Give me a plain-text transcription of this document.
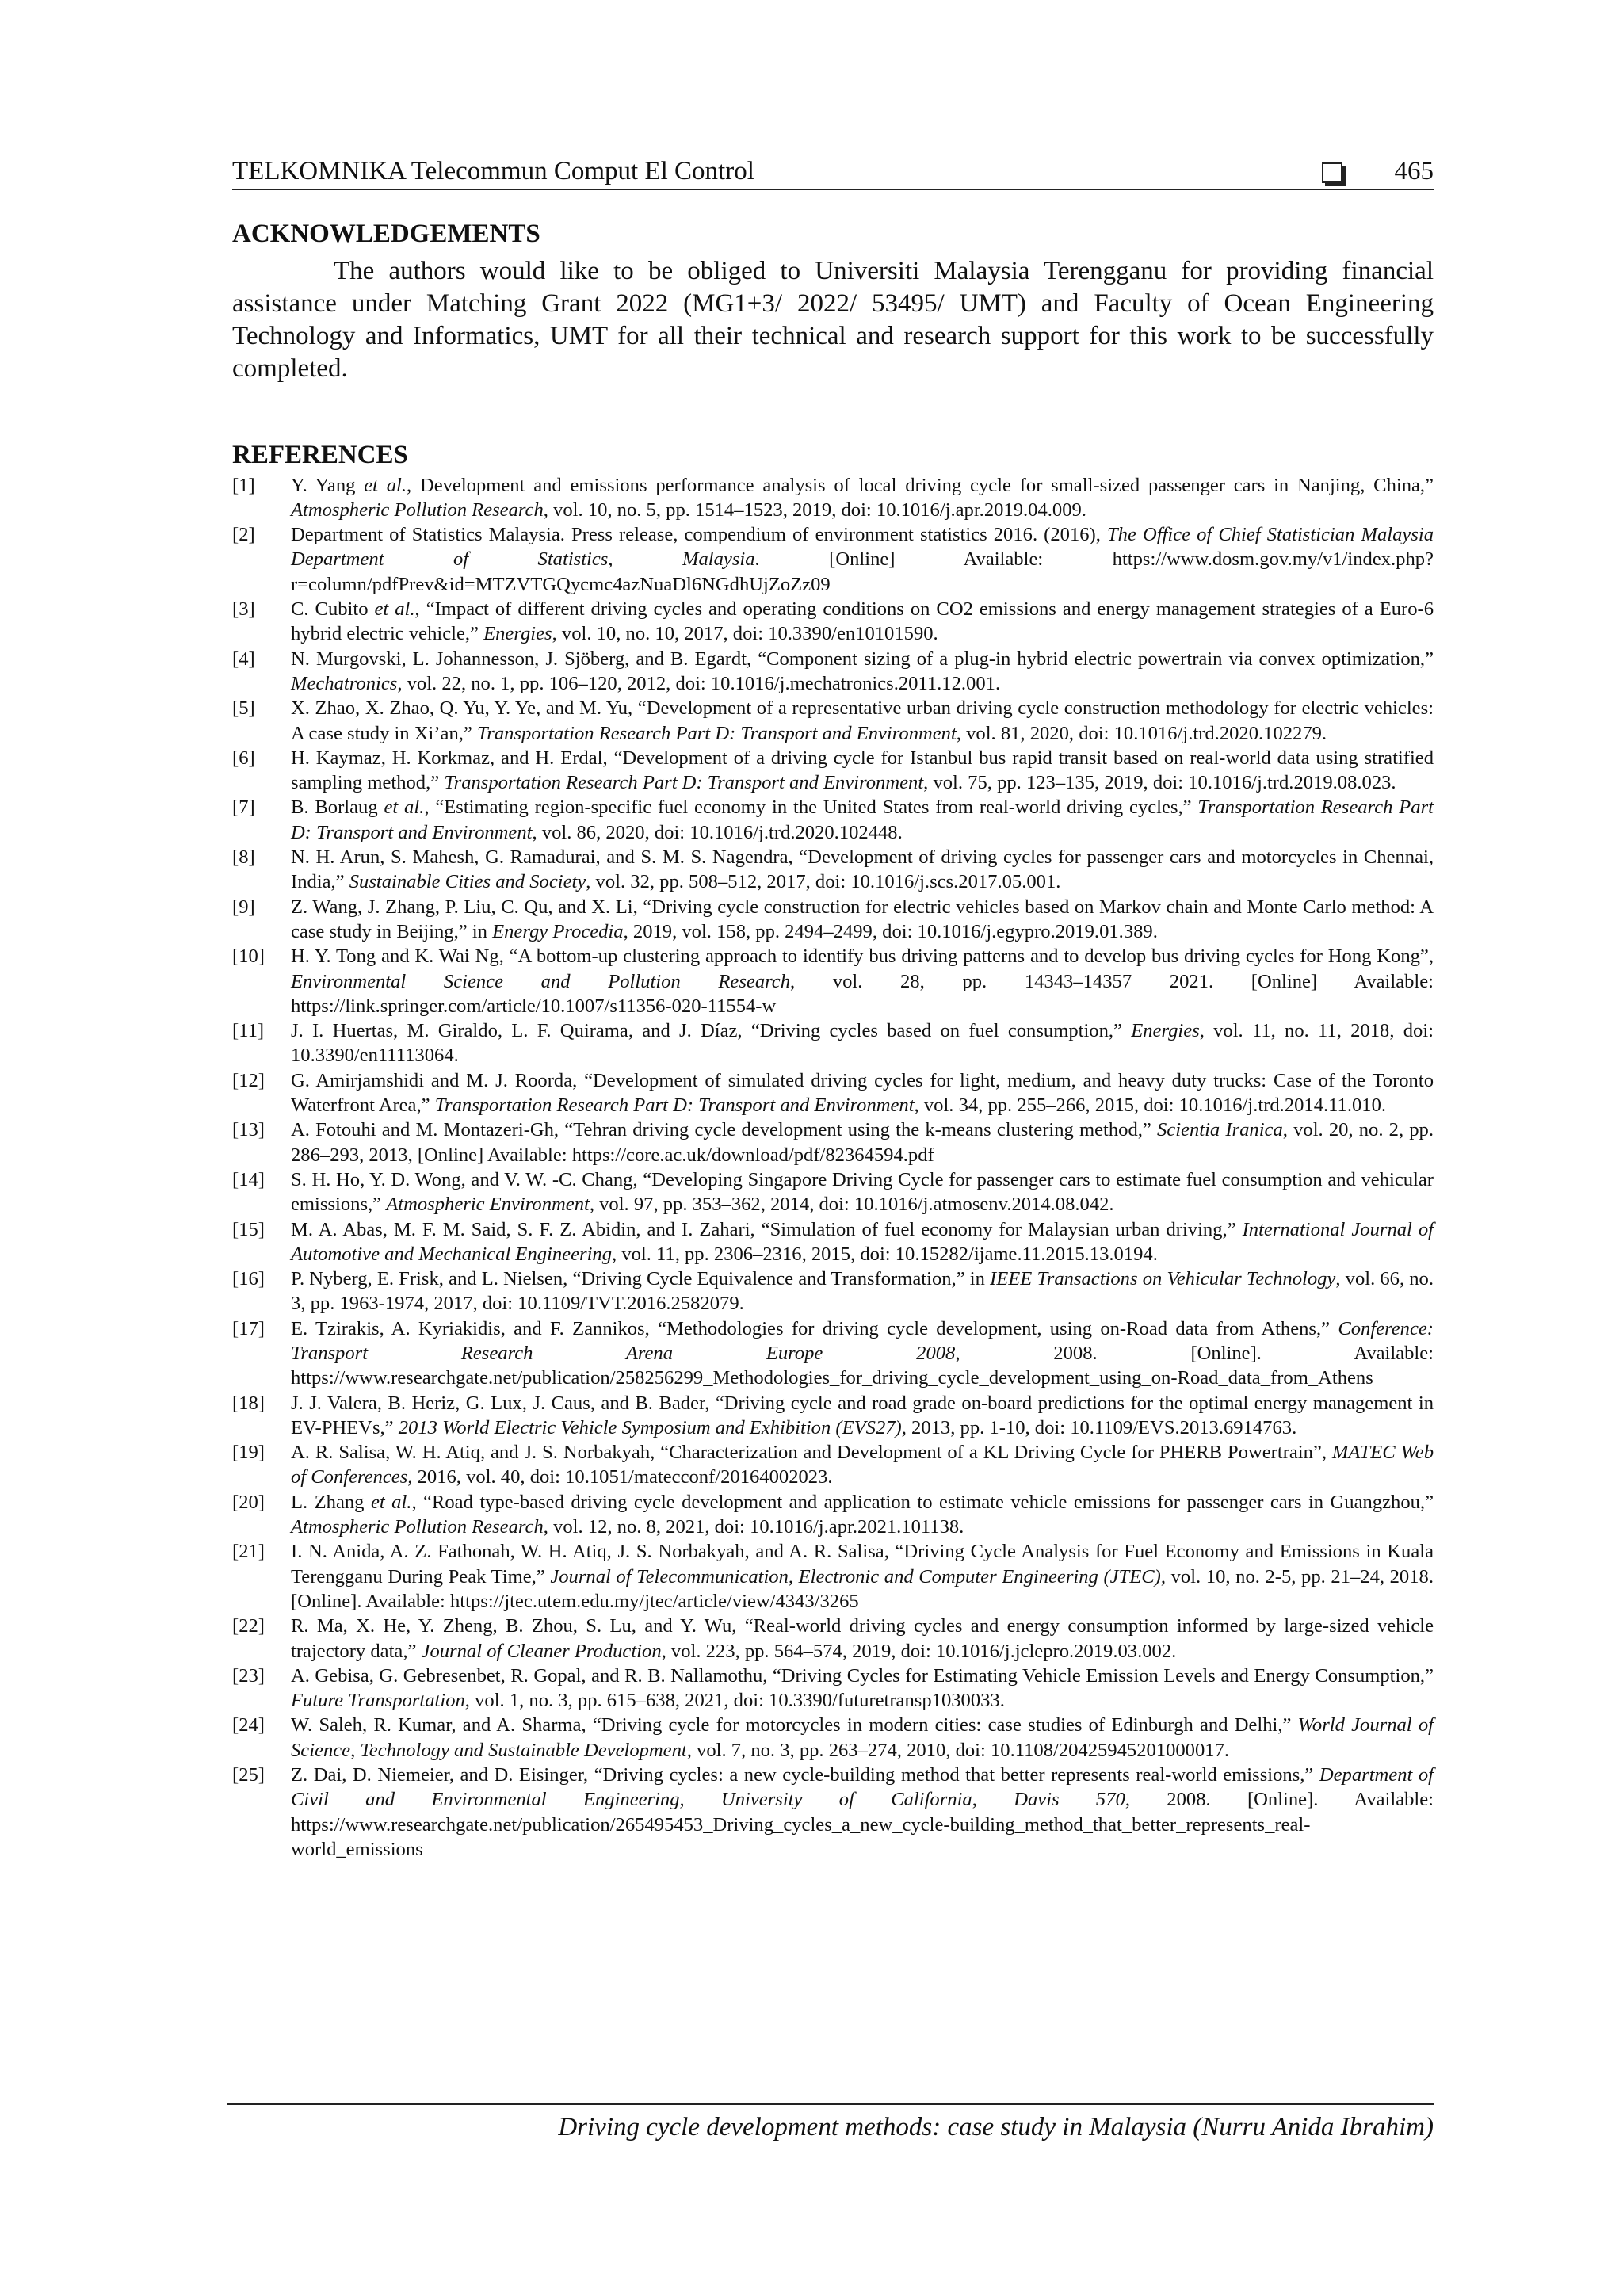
TELKOMNIKA Telecommun Comput El Control	465
ACKNOWLEDGEMENTS

The authors would like to be obliged to Universiti Malaysia Terengganu for providing financial assistance under Matching Grant 2022 (MG1+3/ 2022/ 53495/ UMT) and Faculty of Ocean Engineering Technology and Informatics, UMT for all their technical and research support for this work to be successfully completed.

REFERENCES
[1]	Y. Yang et al., Development and emissions performance analysis of local driving cycle for small-sized passenger cars in Nanjing, China,” Atmospheric Pollution Research, vol. 10, no. 5, pp. 1514–1523, 2019, doi: 10.1016/j.apr.2019.04.009.
[2]	Department of Statistics Malaysia. Press release, compendium of environment statistics 2016. (2016), The Office of Chief Statistician Malaysia Department of Statistics, Malaysia. [Online] Available: https://www.dosm.gov.my/v1/index.php?r=column/pdfPrev&id=MTZVTGQycmc4azNuaDl6NGdhUjZoZz09
[3]	C. Cubito et al., “Impact of different driving cycles and operating conditions on CO2 emissions and energy management strategies of a Euro-6 hybrid electric vehicle,” Energies, vol. 10, no. 10, 2017, doi: 10.3390/en10101590.
[4]	N. Murgovski, L. Johannesson, J. Sjöberg, and B. Egardt, “Component sizing of a plug-in hybrid electric powertrain via convex optimization,” Mechatronics, vol. 22, no. 1, pp. 106–120, 2012, doi: 10.1016/j.mechatronics.2011.12.001.
[5]	X. Zhao, X. Zhao, Q. Yu, Y. Ye, and M. Yu, “Development of a representative urban driving cycle construction methodology for electric vehicles: A case study in Xi’an,” Transportation Research Part D: Transport and Environment, vol. 81, 2020, doi: 10.1016/j.trd.2020.102279.
[6]	H. Kaymaz, H. Korkmaz, and H. Erdal, “Development of a driving cycle for Istanbul bus rapid transit based on real-world data using stratified sampling method,” Transportation Research Part D: Transport and Environment, vol. 75, pp. 123–135, 2019, doi: 10.1016/j.trd.2019.08.023.
[7]	B. Borlaug et al., “Estimating region-specific fuel economy in the United States from real-world driving cycles,” Transportation Research Part D: Transport and Environment, vol. 86, 2020, doi: 10.1016/j.trd.2020.102448.
[8]	N. H. Arun, S. Mahesh, G. Ramadurai, and S. M. S. Nagendra, “Development of driving cycles for passenger cars and motorcycles in Chennai, India,” Sustainable Cities and Society, vol. 32, pp. 508–512, 2017, doi: 10.1016/j.scs.2017.05.001.
[9]	Z. Wang, J. Zhang, P. Liu, C. Qu, and X. Li, “Driving cycle construction for electric vehicles based on Markov chain and Monte Carlo method: A case study in Beijing,” in Energy Procedia, 2019, vol. 158, pp. 2494–2499, doi: 10.1016/j.egypro.2019.01.389.
[10]	H. Y. Tong and K. Wai Ng, “A bottom-up clustering approach to identify bus driving patterns and to develop bus driving cycles for Hong Kong”, Environmental Science and Pollution Research, vol. 28, pp. 14343–14357 2021. [Online] Available: https://link.springer.com/article/10.1007/s11356-020-11554-w
[11]	J. I. Huertas, M. Giraldo, L. F. Quirama, and J. Díaz, “Driving cycles based on fuel consumption,” Energies, vol. 11, no. 11, 2018, doi: 10.3390/en11113064.
[12]	G. Amirjamshidi and M. J. Roorda, “Development of simulated driving cycles for light, medium, and heavy duty trucks: Case of the Toronto Waterfront Area,” Transportation Research Part D: Transport and Environment, vol. 34, pp. 255–266, 2015, doi: 10.1016/j.trd.2014.11.010.
[13]	A. Fotouhi and M. Montazeri-Gh, “Tehran driving cycle development using the k-means clustering method,” Scientia Iranica, vol. 20, no. 2, pp. 286–293, 2013, [Online] Available: https://core.ac.uk/download/pdf/82364594.pdf
[14]	S. H. Ho, Y. D. Wong, and V. W. -C. Chang, “Developing Singapore Driving Cycle for passenger cars to estimate fuel consumption and vehicular emissions,” Atmospheric Environment, vol. 97, pp. 353–362, 2014, doi: 10.1016/j.atmosenv.2014.08.042.
[15]	M. A. Abas, M. F. M. Said, S. F. Z. Abidin, and I. Zahari, “Simulation of fuel economy for Malaysian urban driving,” International Journal of Automotive and Mechanical Engineering, vol. 11, pp. 2306–2316, 2015, doi: 10.15282/ijame.11.2015.13.0194.
[16]	P. Nyberg, E. Frisk, and L. Nielsen, “Driving Cycle Equivalence and Transformation,” in IEEE Transactions on Vehicular Technology, vol. 66, no. 3, pp. 1963-1974, 2017, doi: 10.1109/TVT.2016.2582079.
[17]	E. Tzirakis, A. Kyriakidis, and F. Zannikos, “Methodologies for driving cycle development, using on-Road data from Athens,” Conference: Transport Research Arena Europe 2008, 2008. [Online]. Available: https://www.researchgate.net/publication/258256299_Methodologies_for_driving_cycle_development_using_on-Road_data_from_Athens
[18]	J. J. Valera, B. Heriz, G. Lux, J. Caus, and B. Bader, “Driving cycle and road grade on-board predictions for the optimal energy management in EV-PHEVs,” 2013 World Electric Vehicle Symposium and Exhibition (EVS27), 2013, pp. 1-10, doi: 10.1109/EVS.2013.6914763.
[19]	A. R. Salisa, W. H. Atiq, and J. S. Norbakyah, “Characterization and Development of a KL Driving Cycle for PHERB Powertrain”, MATEC Web of Conferences, 2016, vol. 40, doi: 10.1051/matecconf/20164002023.
[20]	L. Zhang et al., “Road type-based driving cycle development and application to estimate vehicle emissions for passenger cars in Guangzhou,” Atmospheric Pollution Research, vol. 12, no. 8, 2021, doi: 10.1016/j.apr.2021.101138.
[21]	I. N. Anida, A. Z. Fathonah, W. H. Atiq, J. S. Norbakyah, and A. R. Salisa, “Driving Cycle Analysis for Fuel Economy and Emissions in Kuala Terengganu During Peak Time,” Journal of Telecommunication, Electronic and Computer Engineering (JTEC), vol. 10, no. 2-5, pp. 21–24, 2018. [Online]. Available: https://jtec.utem.edu.my/jtec/article/view/4343/3265
[22]	R. Ma, X. He, Y. Zheng, B. Zhou, S. Lu, and Y. Wu, “Real-world driving cycles and energy consumption informed by large-sized vehicle trajectory data,” Journal of Cleaner Production, vol. 223, pp. 564–574, 2019, doi: 10.1016/j.jclepro.2019.03.002.
[23]	A. Gebisa, G. Gebresenbet, R. Gopal, and R. B. Nallamothu, “Driving Cycles for Estimating Vehicle Emission Levels and Energy Consumption,” Future Transportation, vol. 1, no. 3, pp. 615–638, 2021, doi: 10.3390/futuretransp1030033.
[24]	W. Saleh, R. Kumar, and A. Sharma, “Driving cycle for motorcycles in modern cities: case studies of Edinburgh and Delhi,” World Journal of Science, Technology and Sustainable Development, vol. 7, no. 3, pp. 263–274, 2010, doi: 10.1108/20425945201000017.
[25]	Z. Dai, D. Niemeier, and D. Eisinger, “Driving cycles: a new cycle-building method that better represents real-world emissions,” Department of Civil and Environmental Engineering, University of California, Davis 570, 2008. [Online]. Available: https://www.researchgate.net/publication/265495453_Driving_cycles_a_new_cycle-building_method_that_better_represents_real-world_emissions
Driving cycle development methods: case study in Malaysia (Nurru Anida Ibrahim)
